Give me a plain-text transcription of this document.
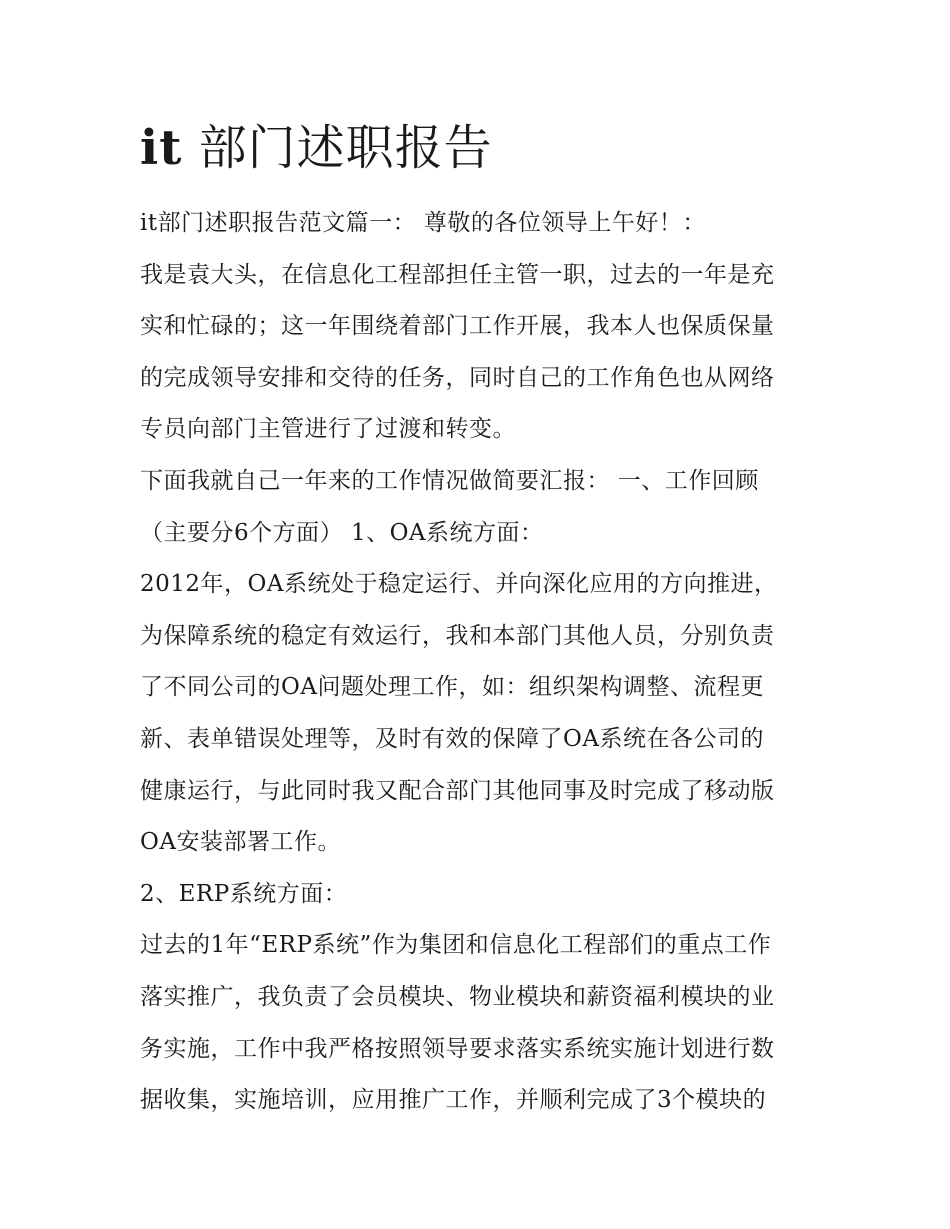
it 部门述职报告
it部门述职报告范文篇一： 尊敬的各位领导上午好！：
我是袁大头，在信息化工程部担任主管一职，过去的一年是充
实和忙碌的；这一年围绕着部门工作开展，我本人也保质保量
的完成领导安排和交待的任务，同时自己的工作角色也从网络
专员向部门主管进行了过渡和转变。
下面我就自己一年来的工作情况做简要汇报： 一、工作回顾
（主要分6个方面） 1、OA系统方面：
2012年，OA系统处于稳定运行、并向深化应用的方向推进，
为保障系统的稳定有效运行，我和本部门其他人员，分别负责
了不同公司的OA问题处理工作，如：组织架构调整、流程更
新、表单错误处理等，及时有效的保障了OA系统在各公司的
健康运行，与此同时我又配合部门其他同事及时完成了移动版
OA安装部署工作。
2、ERP系统方面：
过去的1年“ERP系统”作为集团和信息化工程部们的重点工作
落实推广，我负责了会员模块、物业模块和薪资福利模块的业
务实施，工作中我严格按照领导要求落实系统实施计划进行数
据收集，实施培训，应用推广工作，并顺利完成了3个模块的
